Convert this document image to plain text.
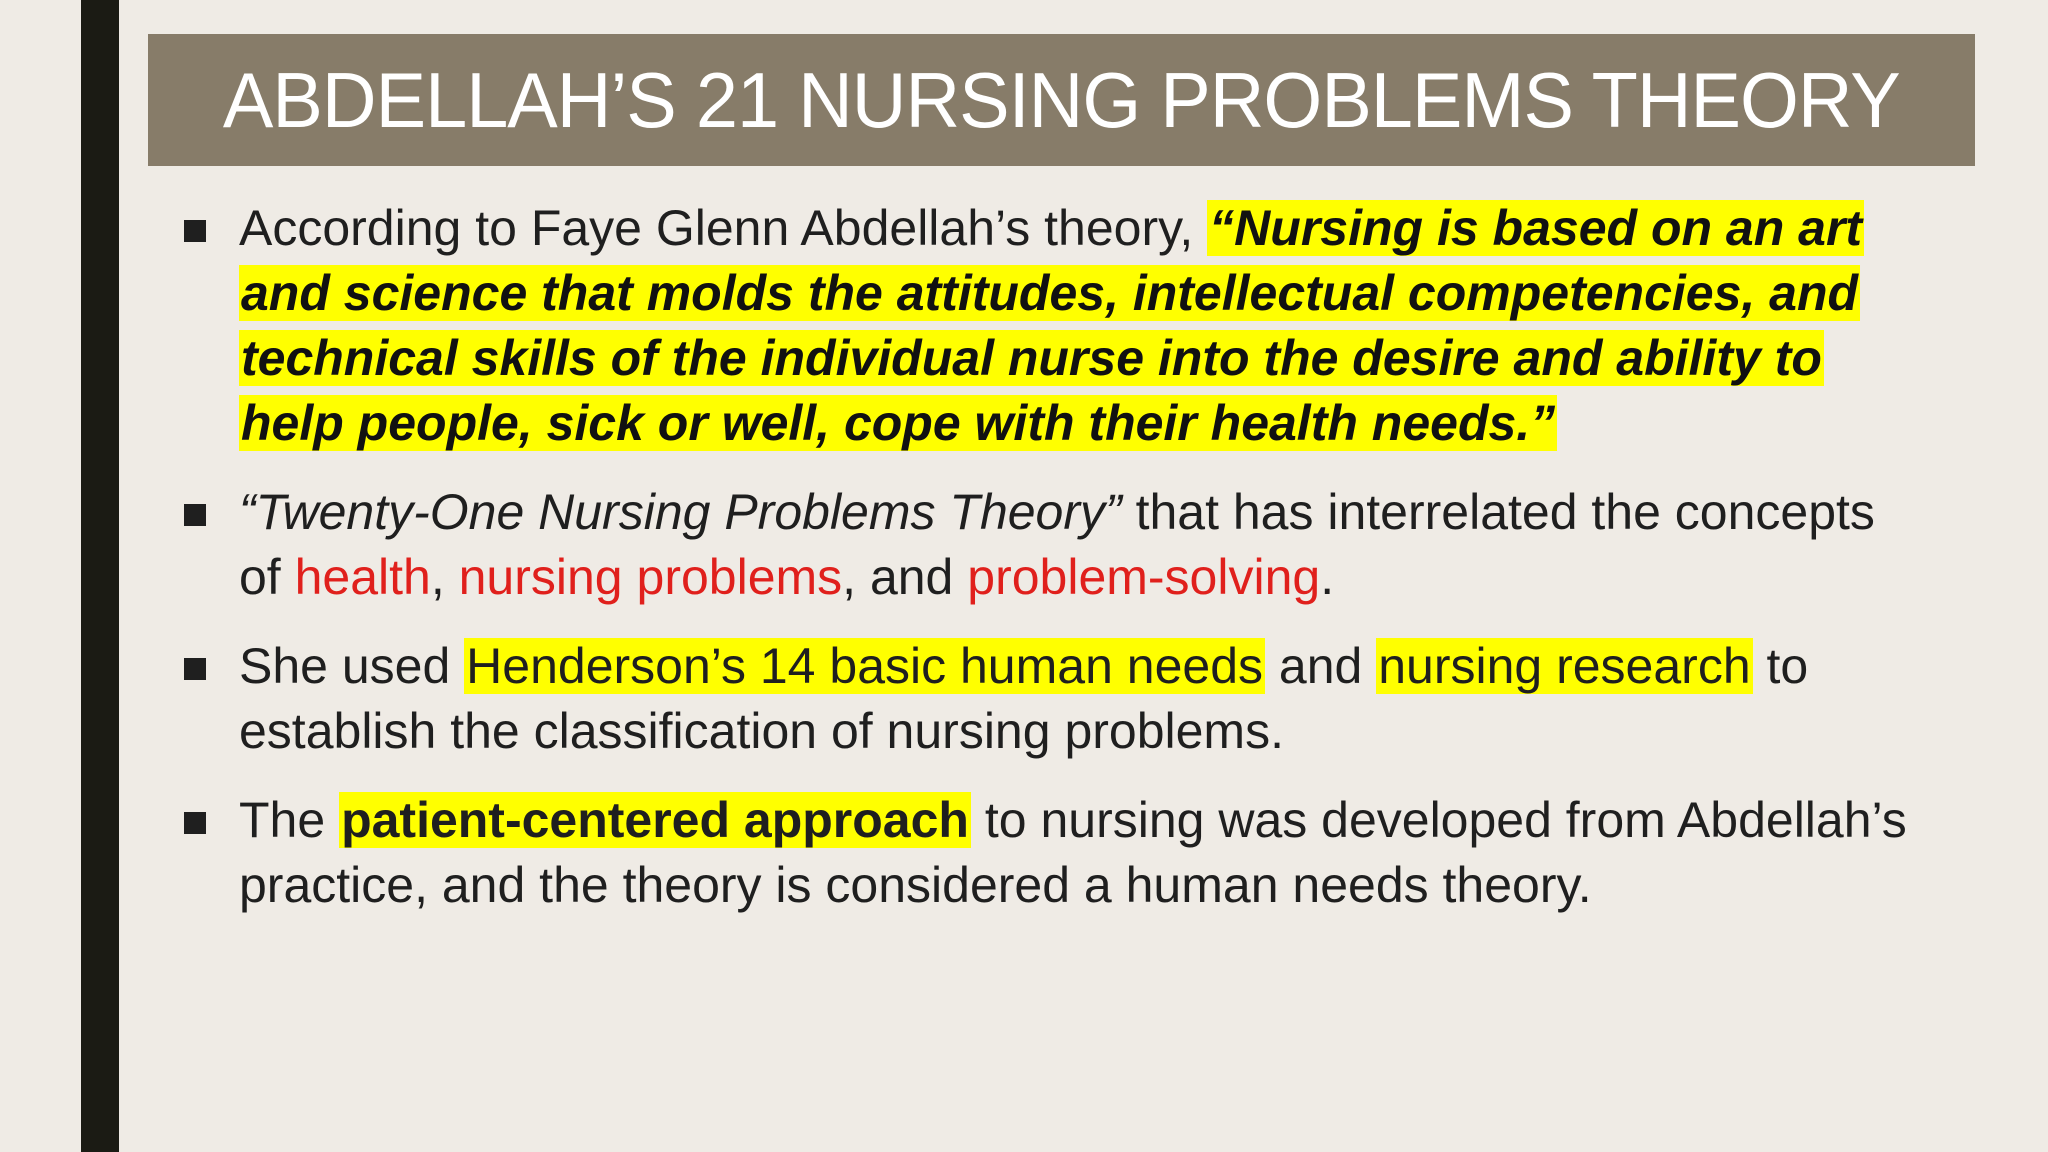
ABDELLAH’S 21 NURSING PROBLEMS THEORY
According to Faye Glenn Abdellah’s theory, “Nursing is based on an art and science that molds the attitudes, intellectual competencies, and technical skills of the individual nurse into the desire and ability to help people, sick or well, cope with their health needs.”
“Twenty-One Nursing Problems Theory” that has interrelated the concepts of health, nursing problems, and problem-solving.
She used Henderson’s 14 basic human needs and nursing research to establish the classification of nursing problems.
The patient-centered approach to nursing was developed from Abdellah’s practice, and the theory is considered a human needs theory.
